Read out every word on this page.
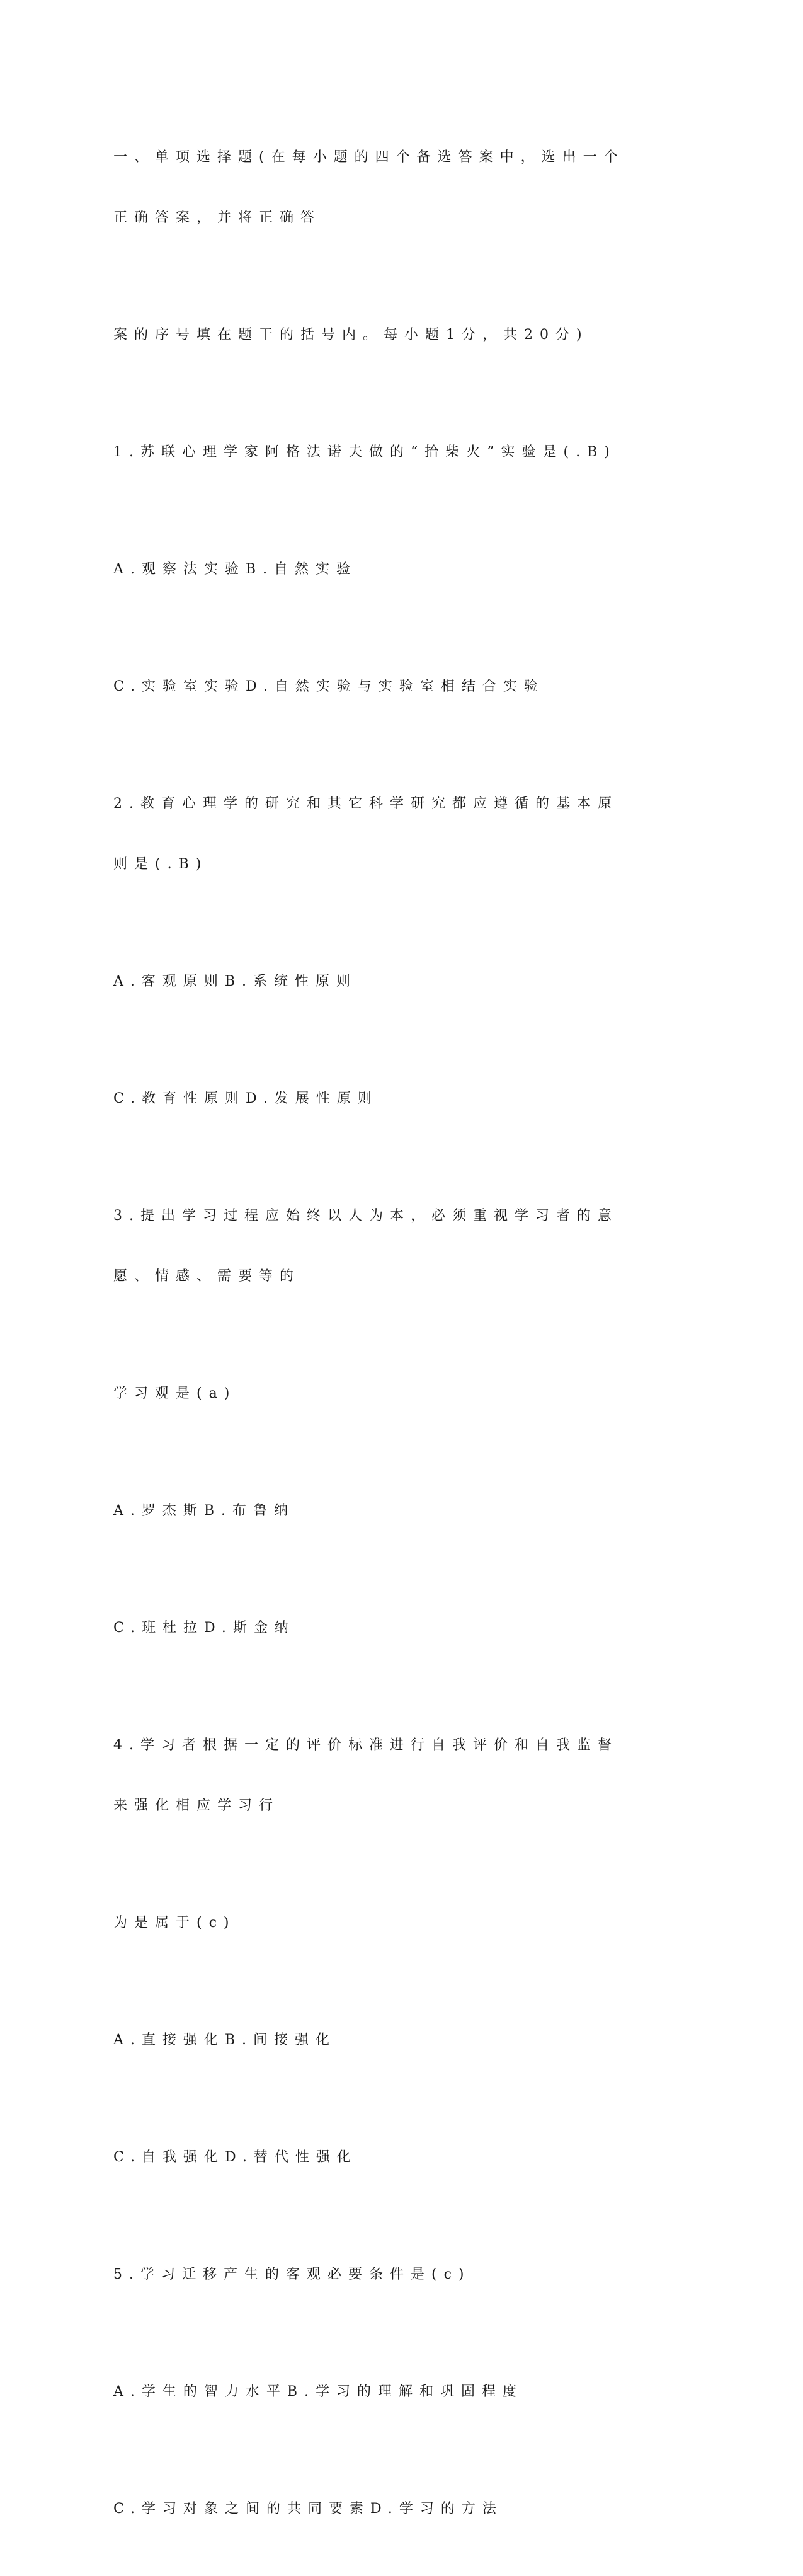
一、单项选择题(在每小题的四个备选答案中，选出一个

正确答案，并将正确答

案的序号填在题干的括号内。每小题1分，共20分)

1.苏联心理学家阿格法诺夫做的“拾柴火”实验是(.B)

A.观察法实验B.自然实验

C.实验室实验D.自然实验与实验室相结合实验

2.教育心理学的研究和其它科学研究都应遵循的基本原

则是(.B)

A.客观原则B.系统性原则

C.教育性原则D.发展性原则

3.提出学习过程应始终以人为本，必须重视学习者的意

愿、情感、需要等的

学习观是(a)

A.罗杰斯B.布鲁纳

C.班杜拉D.斯金纳

4.学习者根据一定的评价标准进行自我评价和自我监督

来强化相应学习行

为是属于(c)

A.直接强化B.间接强化

C.自我强化D.替代性强化

5.学习迁移产生的客观必要条件是(c)

A.学生的智力水平B.学习的理解和巩固程度

C.学习对象之间的共同要素D.学习的方法
